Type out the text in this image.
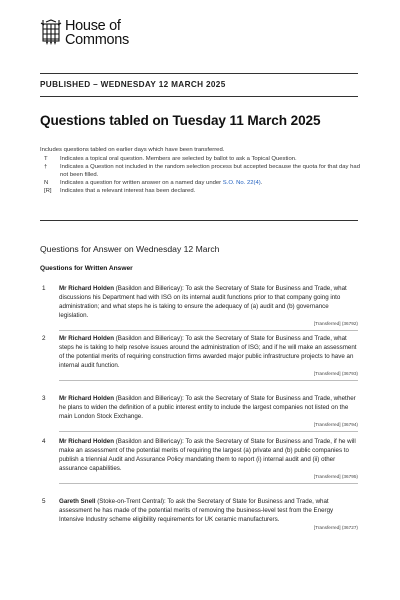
House of
Commons
PUBLISHED – WEDNESDAY 12 MARCH 2025
Questions tabled on Tuesday 11 March 2025
Includes questions tabled on earlier days which have been transferred.
T	Indicates a topical oral question. Members are selected by ballot to ask a Topical Question.
†	Indicates a Question not included in the random selection process but accepted because the quota for that day had not been filled.
N	Indicates a question for written answer on a named day under S.O. No. 22(4).
[R]	Indicates that a relevant interest has been declared.
Questions for Answer on Wednesday 12 March
Questions for Written Answer
1 Mr Richard Holden (Basildon and Billericay): To ask the Secretary of State for Business and Trade, what discussions his Department had with ISG on its internal audit functions prior to that company going into administration; and what steps he is taking to ensure the adequacy of (a) audit and (b) governance legislation.
[Transferred] (36792)
2 Mr Richard Holden (Basildon and Billericay): To ask the Secretary of State for Business and Trade, what steps he is taking to help resolve issues around the administration of ISG; and if he will make an assessment of the potential merits of requiring construction firms awarded major public infrastructure projects to have an internal audit function.
[Transferred] (36793)
3 Mr Richard Holden (Basildon and Billericay): To ask the Secretary of State for Business and Trade, whether he plans to widen the definition of a public interest entity to include the largest companies not listed on the main London Stock Exchange.
[Transferred] (36794)
4 Mr Richard Holden (Basildon and Billericay): To ask the Secretary of State for Business and Trade, if he will make an assessment of the potential merits of requiring the largest (a) private and (b) public companies to publish a triennial Audit and Assurance Policy mandating them to report (i) internal audit and (ii) other assurance capabilities.
[Transferred] (36795)
5 Gareth Snell (Stoke-on-Trent Central): To ask the Secretary of State for Business and Trade, what assessment he has made of the potential merits of removing the business-level test from the Energy Intensive Industry scheme eligibility requirements for UK ceramic manufacturers.
[Transferred] (36727)
